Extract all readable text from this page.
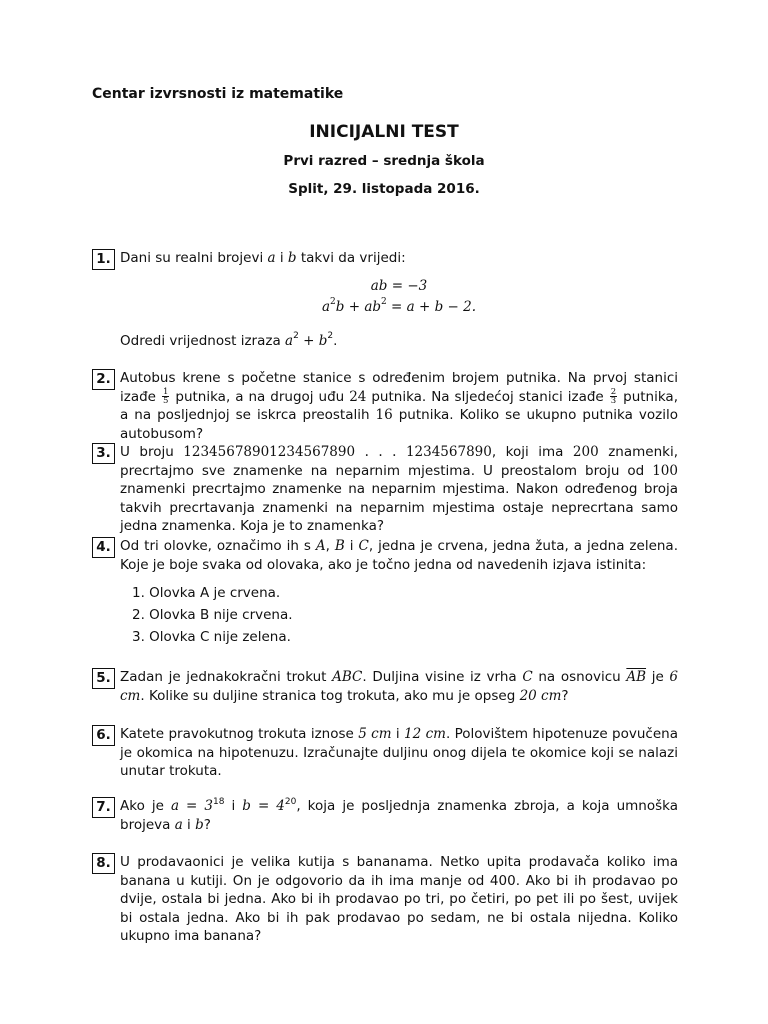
Centar izvrsnosti iz matematike
INICIJALNI TEST
Prvi razred – srednja škola
Split, 29. listopada 2016.
1. Dani su realni brojevi a i b takvi da vrijedi:
ab = −3
$a^2b + ab^2 = a + b - 2$.
Odredi vrijednost izraza $a^2 + b^2$.
2. Autobus krene s početne stanice s određenim brojem putnika. Na prvoj stanici izađe $\frac{1}{5}$ putnika, a na drugoj uđu 24 putnika. Na sljedećoj stanici izađe $\frac{2}{3}$ putnika, a na posljednjoj se iskrca preostalih 16 putnika. Koliko se ukupno putnika vozilo autobusom?
3. U broju 12345678901234567890 . . . 1234567890, koji ima 200 znamenki, precrtajmo sve znamenke na neparnim mjestima. U preostalom broju od 100 znamenki precrtajmo znamenke na neparnim mjestima. Nakon određenog broja takvih precrtavanja znamenki na neparnim mjestima ostaje neprecrtana samo jedna znamenka. Koja je to znamenka?
4. Od tri olovke, označimo ih s A, B i C, jedna je crvena, jedna žuta, a jedna zelena. Koje je boje svaka od olovaka, ako je točno jedna od navedenih izjava istinita:
1. Olovka A je crvena.
2. Olovka B nije crvena.
3. Olovka C nije zelena.
5. Zadan je jednakokračni trokut ABC. Duljina visine iz vrha C na osnovicu $\overline{AB}$ je 6 cm. Kolike su duljine stranica tog trokuta, ako mu je opseg 20 cm?
6. Katete pravokutnog trokuta iznose 5 cm i 12 cm. Polovištem hipotenuze povučena je okomica na hipotenuzu. Izračunajte duljinu onog dijela te okomice koji se nalazi unutar trokuta.
7. Ako je $a = 3^{18}$ i $b = 4^{20}$, koja je posljednja znamenka zbroja, a koja umnoška brojeva a i b?
8. U prodavaonici je velika kutija s bananama. Netko upita prodavača koliko ima banana u kutiji. On je odgovorio da ih ima manje od 400. Ako bi ih prodavao po dvije, ostala bi jedna. Ako bi ih prodavao po tri, po četiri, po pet ili po šest, uvijek bi ostala jedna. Ako bi ih pak prodavao po sedam, ne bi ostala nijedna. Koliko ukupno ima banana?
